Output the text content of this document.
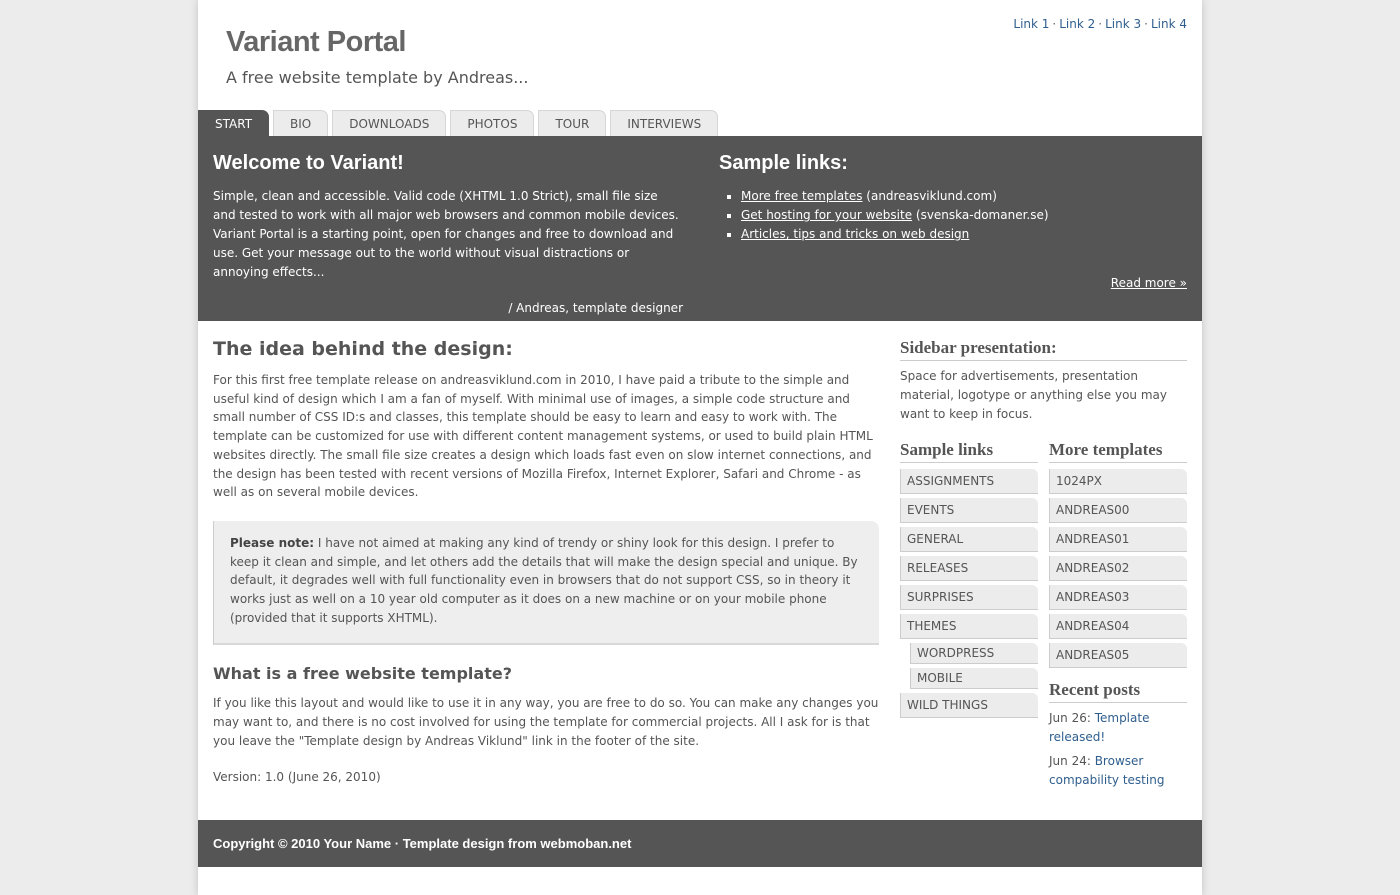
Link 1 · Link 2 · Link 3 · Link 4
Variant Portal

A free website template by Andreas...

START	BIO	DOWNLOADS	PHOTOS	TOUR	INTERVIEWS
Welcome to Variant!

Simple, clean and accessible. Valid code (XHTML 1.0 Strict), small file size and tested to work with all major web browsers and common mobile devices. Variant Portal is a starting point, open for changes and free to download and use. Get your message out to the world without visual distractions or annoying effects...

/ Andreas, template designer

Sample links:
▪ More free templates (andreasviklund.com)
▪ Get hosting for your website (svenska-domaner.se)
▪ Articles, tips and tricks on web design
Read more »
The idea behind the design:

For this first free template release on andreasviklund.com in 2010, I have paid a tribute to the simple and useful kind of design which I am a fan of myself. With minimal use of images, a simple code structure and small number of CSS ID:s and classes, this template should be easy to learn and easy to work with. The template can be customized for use with different content management systems, or used to build plain HTML websites directly. The small file size creates a design which loads fast even on slow internet connections, and the design has been tested with recent versions of Mozilla Firefox, Internet Explorer, Safari and Chrome - as well as on several mobile devices.

Please note: I have not aimed at making any kind of trendy or shiny look for this design. I prefer to keep it clean and simple, and let others add the details that will make the design special and unique. By default, it degrades well with full functionality even in browsers that do not support CSS, so in theory it works just as well on a 10 year old computer as it does on a new machine or on your mobile phone (provided that it supports XHTML).
What is a free website template?

If you like this layout and would like to use it in any way, you are free to do so. You can make any changes you may want to, and there is no cost involved for using the template for commercial projects. All I ask for is that you leave the "Template design by Andreas Viklund" link in the footer of the site.

Version: 1.0 (June 26, 2010)

Sidebar presentation:

Space for advertisements, presentation material, logotype or anything else you may want to keep in focus.

Sample links
ASSIGNMENTS
EVENTS
GENERAL
RELEASES
SURPRISES
THEMES
WORDPRESS
MOBILE
WILD THINGS
More templates
1024PX
ANDREAS00
ANDREAS01
ANDREAS02
ANDREAS03
ANDREAS04
ANDREAS05
Recent posts
Jun 26: Template released!
Jun 24: Browser compability testing
Copyright © 2010 Your Name · Template design from webmoban.net
